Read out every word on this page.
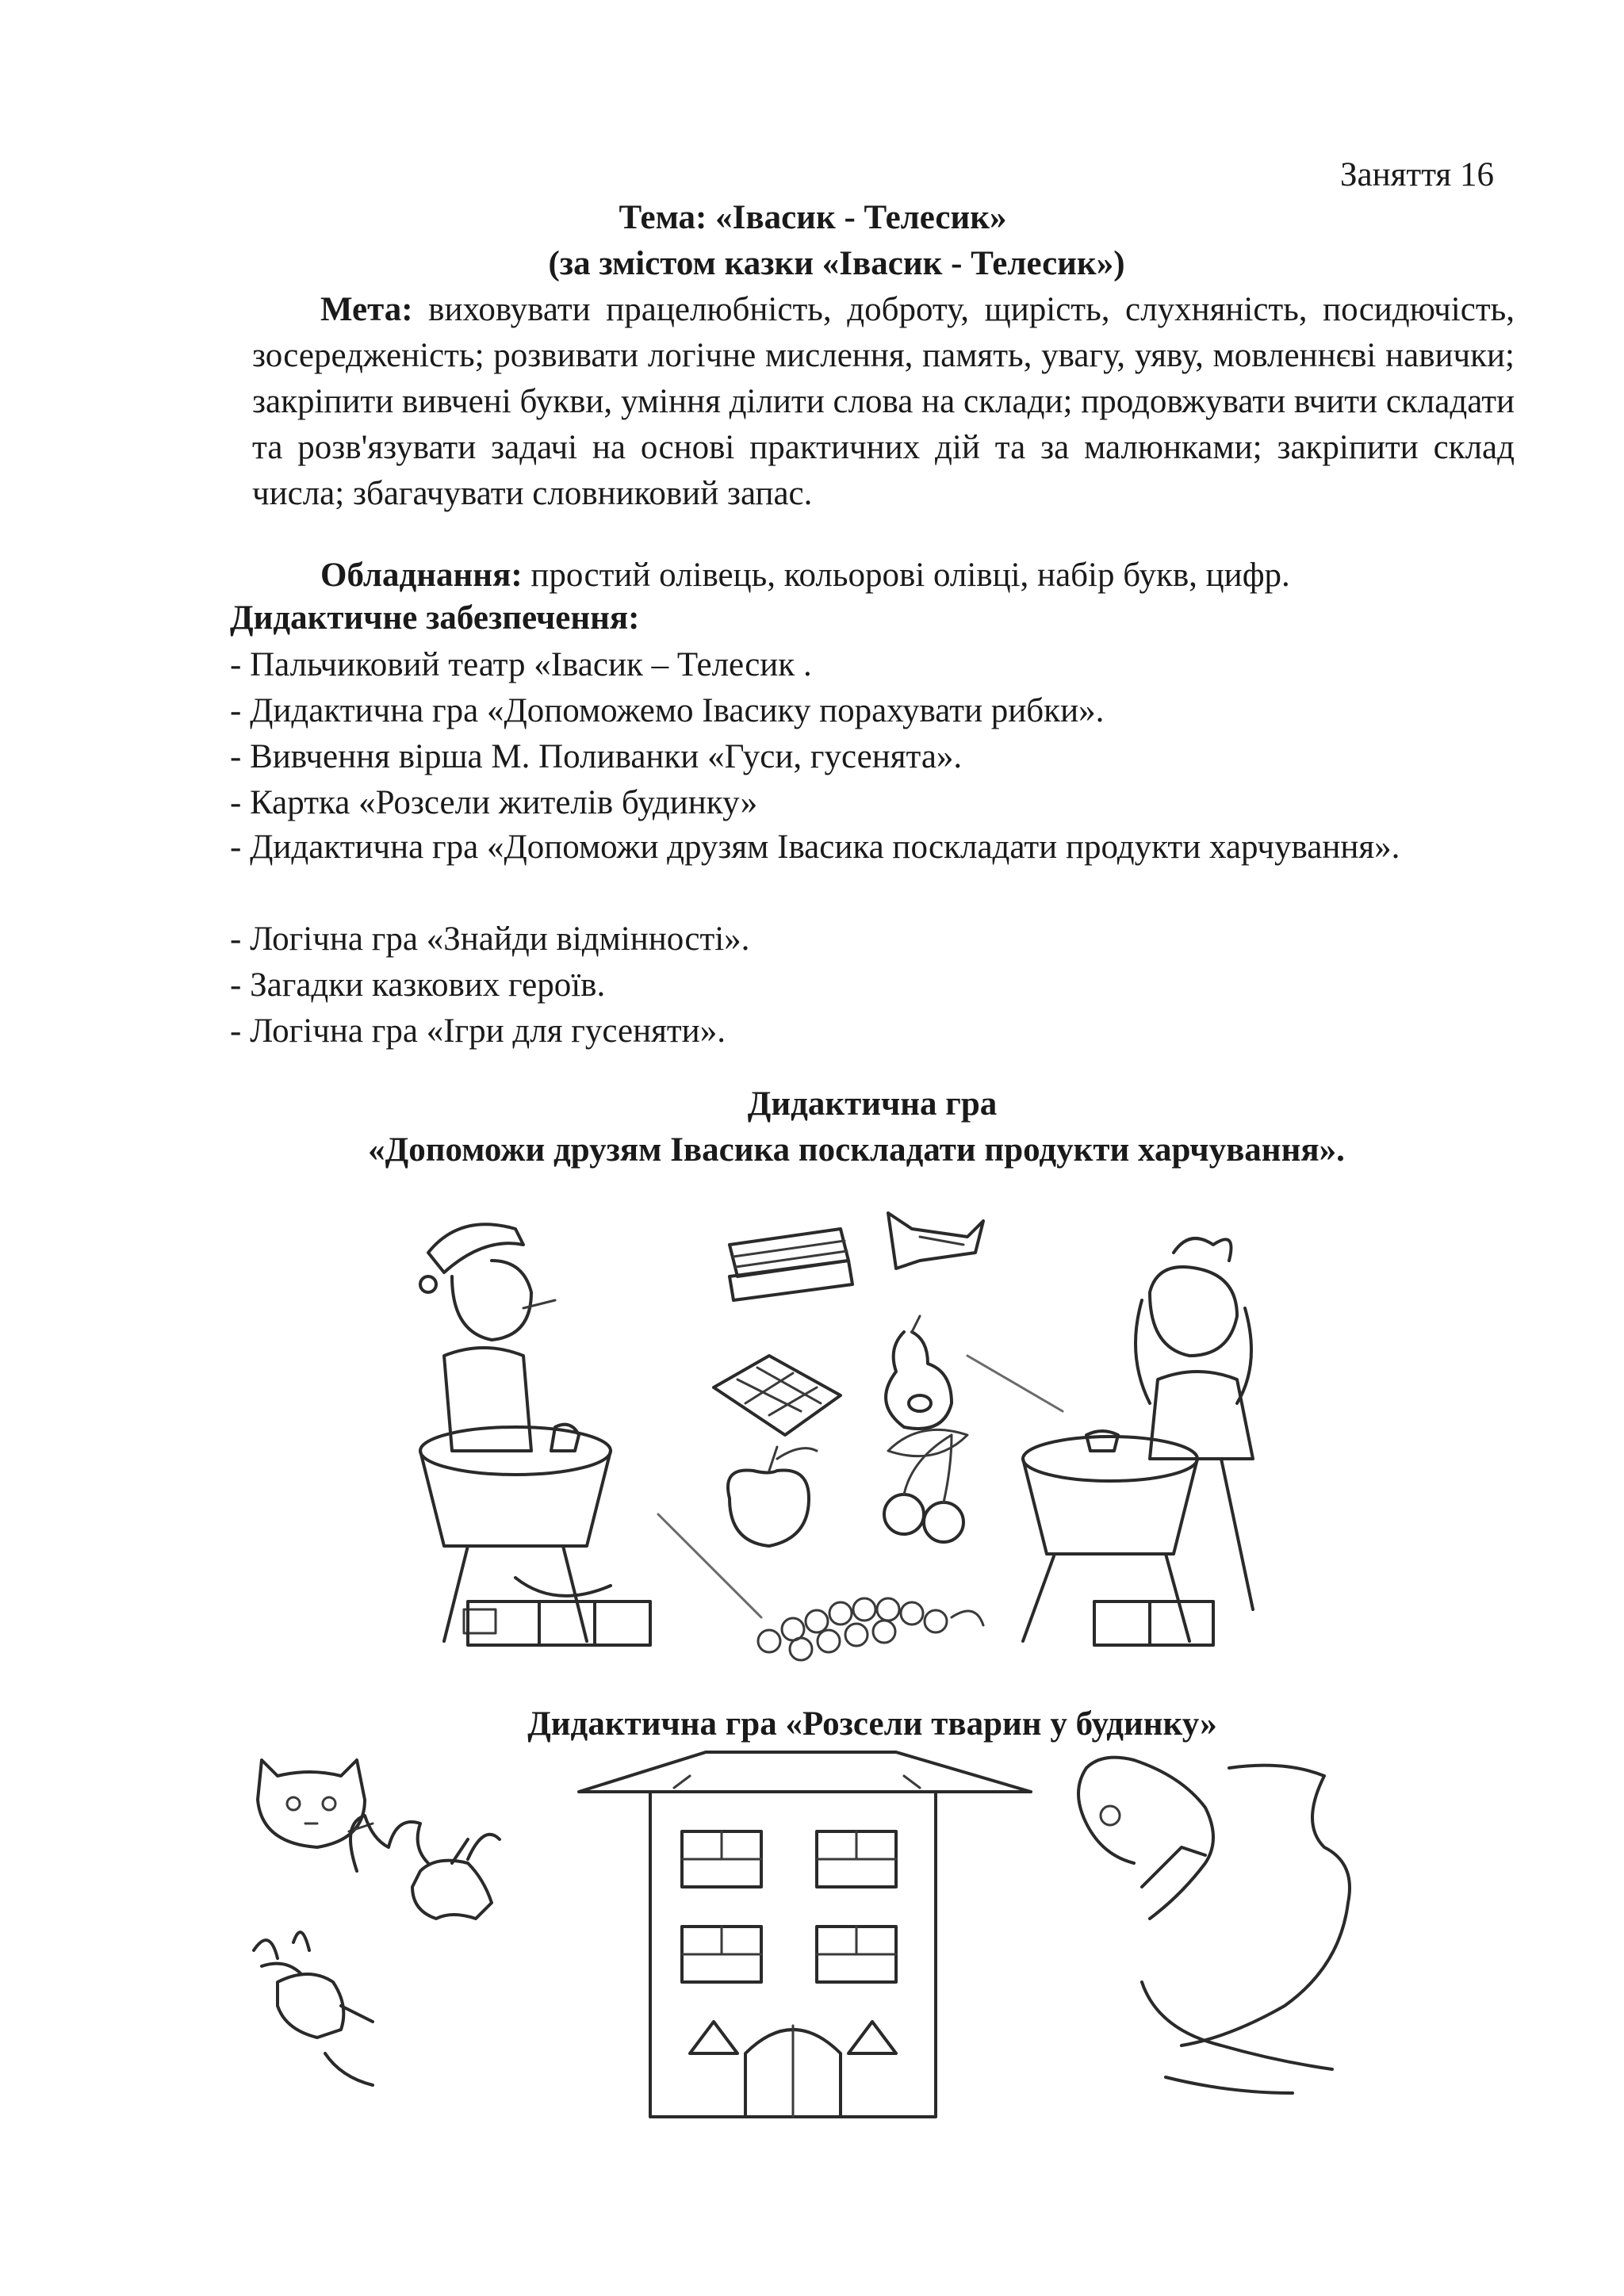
Заняття 16
Тема: «Івасик - Телесик»
(за змістом казки «Івасик - Телесик»)
Мета: виховувати працелюбність, доброту, щирість, слухняність, посидючість, зосередженість; розвивати логічне мислення, память, увагу, уяву, мовленнєві навички; закріпити вивчені букви, уміння ділити слова на склади; продовжувати вчити складати та розв'язувати задачі на основі практичних дій та за малюнками; закріпити склад числа; збагачувати словниковий запас.
Обладнання: простий олівець, кольорові олівці, набір букв, цифр.
Дидактичне забезпечення:
- Пальчиковий театр «Івасик – Телесик .
- Дидактична гра «Допоможемо Івасику порахувати рибки».
- Вивчення вірша М. Поливанки «Гуси, гусенята».
- Картка «Розсели жителів будинку»
- Дидактична гра «Допоможи друзям Івасика поскладати продукти харчування».
- Логічна гра «Знайди відмінності».
- Загадки казкових героїв.
- Логічна гра «Ігри для гусеняти».
Дидактична гра
«Допоможи друзям Івасика поскладати продукти харчування».
Дидактична гра «Розсели тварин у будинку»
